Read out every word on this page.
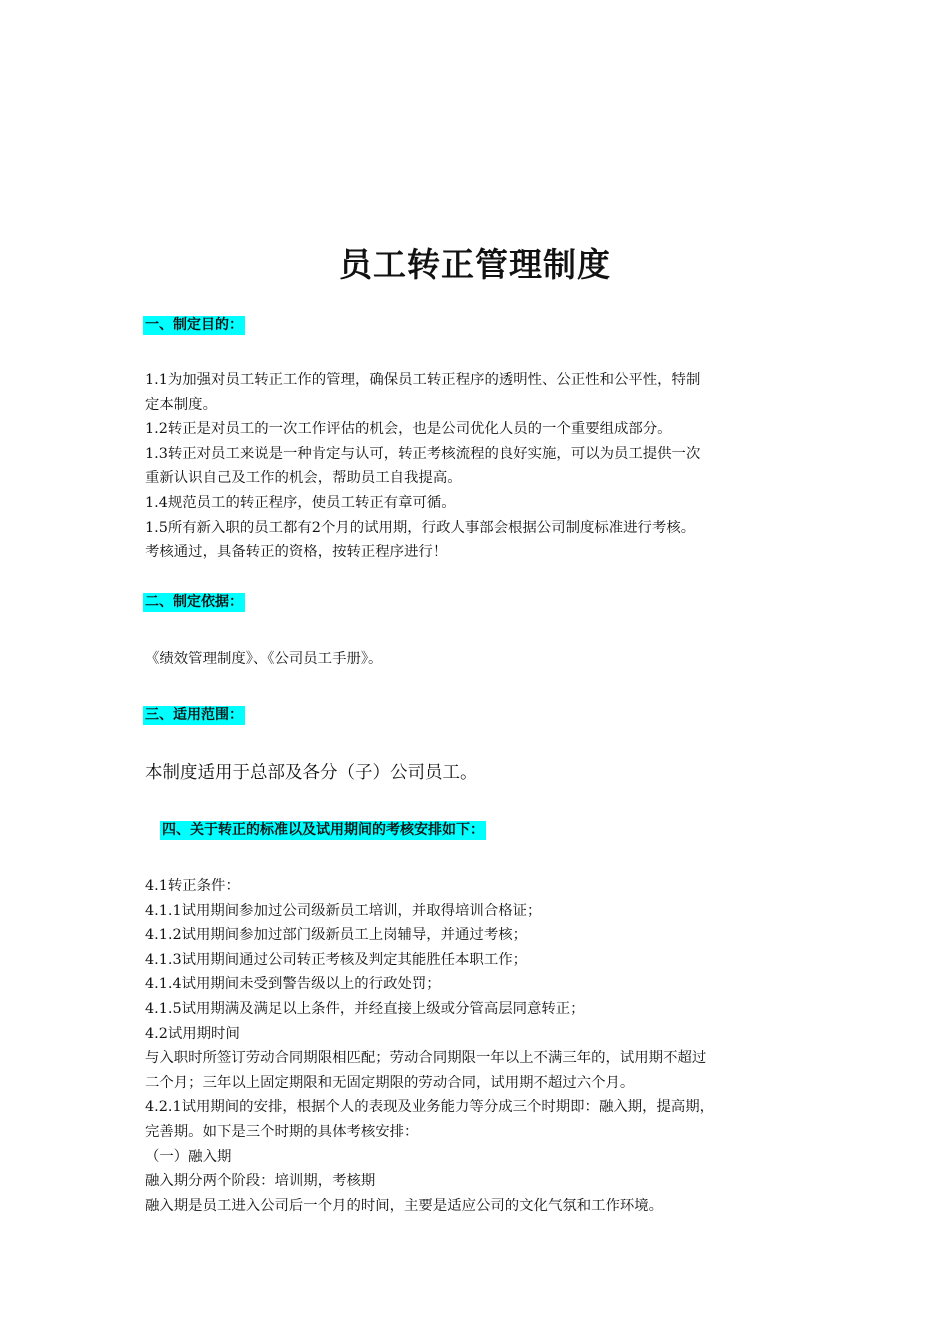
员工转正管理制度
一、制定目的：
1.1为加强对员工转正工作的管理，确保员工转正程序的透明性、公正性和公平性，特制
定本制度。
1.2转正是对员工的一次工作评估的机会，也是公司优化人员的一个重要组成部分。
1.3转正对员工来说是一种肯定与认可，转正考核流程的良好实施，可以为员工提供一次
重新认识自己及工作的机会，帮助员工自我提高。
1.4规范员工的转正程序，使员工转正有章可循。
1.5所有新入职的员工都有2个月的试用期，行政人事部会根据公司制度标准进行考核。
考核通过，具备转正的资格，按转正程序进行！
二、制定依据：
《绩效管理制度》、《公司员工手册》。
三、适用范围：
本制度适用于总部及各分（子）公司员工。
四、关于转正的标准以及试用期间的考核安排如下：
4.1转正条件：
4.1.1试用期间参加过公司级新员工培训，并取得培训合格证；
4.1.2试用期间参加过部门级新员工上岗辅导，并通过考核；
4.1.3试用期间通过公司转正考核及判定其能胜任本职工作；
4.1.4试用期间未受到警告级以上的行政处罚；
4.1.5试用期满及满足以上条件，并经直接上级或分管高层同意转正；
4.2试用期时间
与入职时所签订劳动合同期限相匹配；劳动合同期限一年以上不满三年的，试用期不超过
二个月；三年以上固定期限和无固定期限的劳动合同，试用期不超过六个月。
4.2.1试用期间的安排，根据个人的表现及业务能力等分成三个时期即：融入期，提高期，
完善期。如下是三个时期的具体考核安排：
（一）融入期
融入期分两个阶段：培训期，考核期
融入期是员工进入公司后一个月的时间，主要是适应公司的文化气氛和工作环境。
